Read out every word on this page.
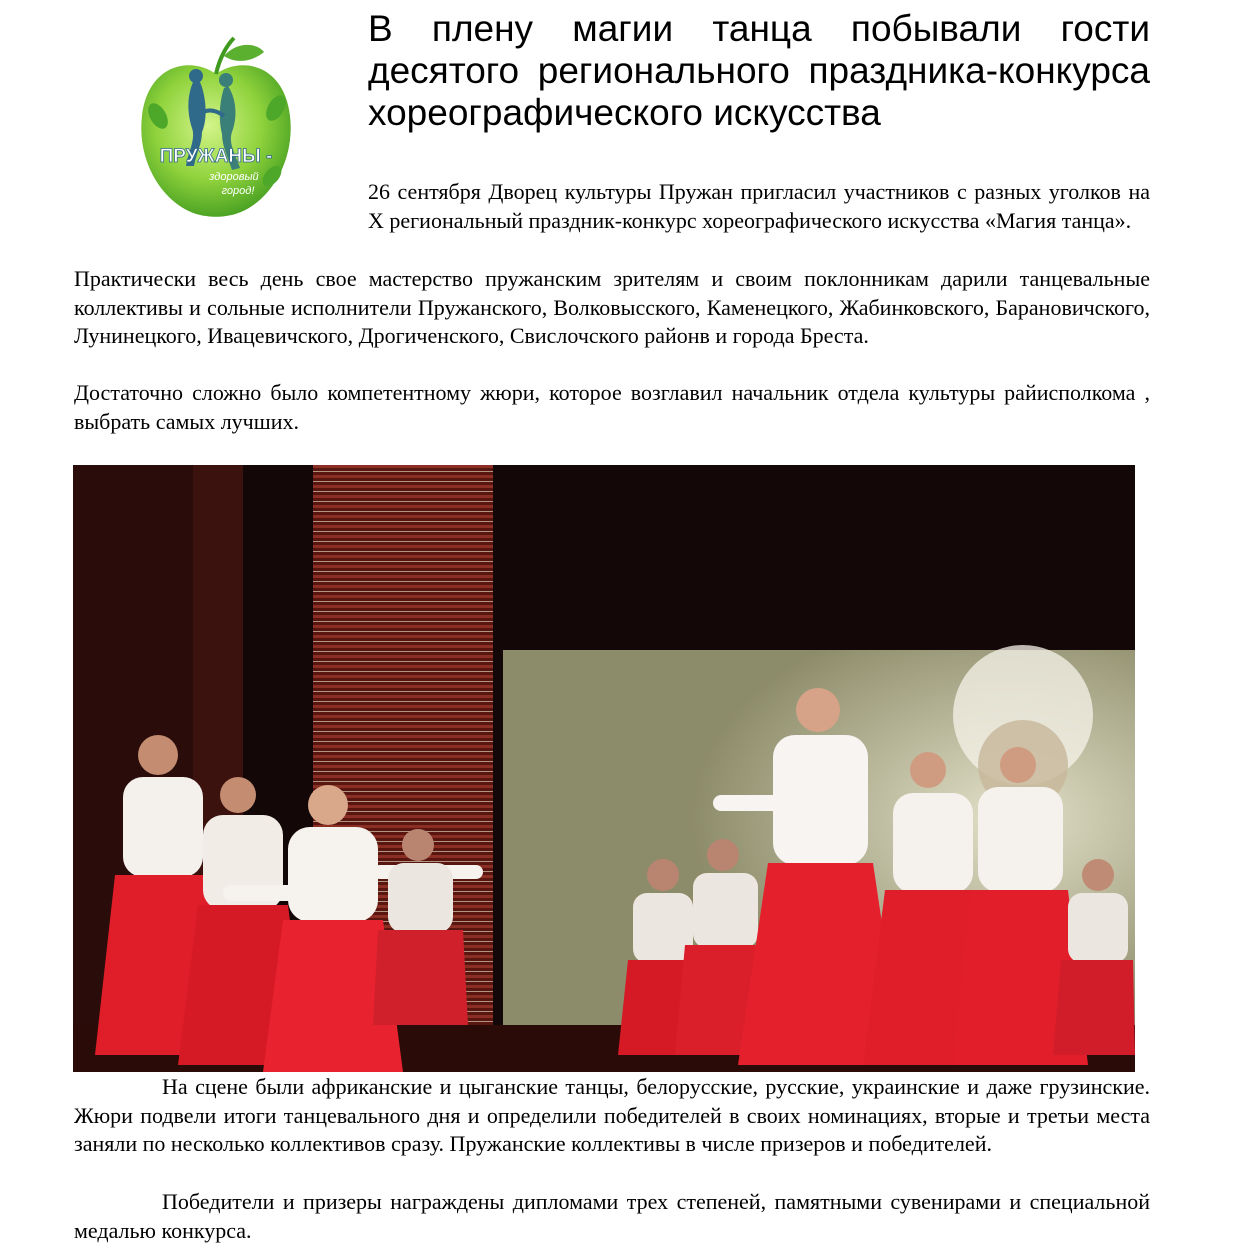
ПРУЖАНЫ -
здоровый
город!
В плену магии танца побывали гости десятого регионального праздника-конкурса хореографического искусства

26 сентября Дворец культуры Пружан пригласил участников с разных уголков на X региональный праздник-конкурс хореографического искусства «Магия танца».

Практически весь день свое мастерство пружанским зрителям и своим поклонникам дарили танцевальные коллективы и сольные исполнители Пружанского, Волковысского, Каменецкого, Жабинковского, Барановичского, Лунинецкого, Ивацевичского, Дрогиченского, Свислочского районв и города Бреста.

Достаточно сложно было компетентному жюри, которое возглавил начальник отдела культуры райисполкома , выбрать самых лучших.

На сцене были африканские и цыганские танцы, белорусские, русские, украинские и даже грузинские. Жюри подвели итоги танцевального дня и определили победителей в своих номинациях, вторые и третьи места заняли по несколько коллективов сразу. Пружанские коллективы в числе призеров и победителей.

Победители и призеры награждены дипломами трех степеней, памятными сувенирами и специальной медалью конкурса.
